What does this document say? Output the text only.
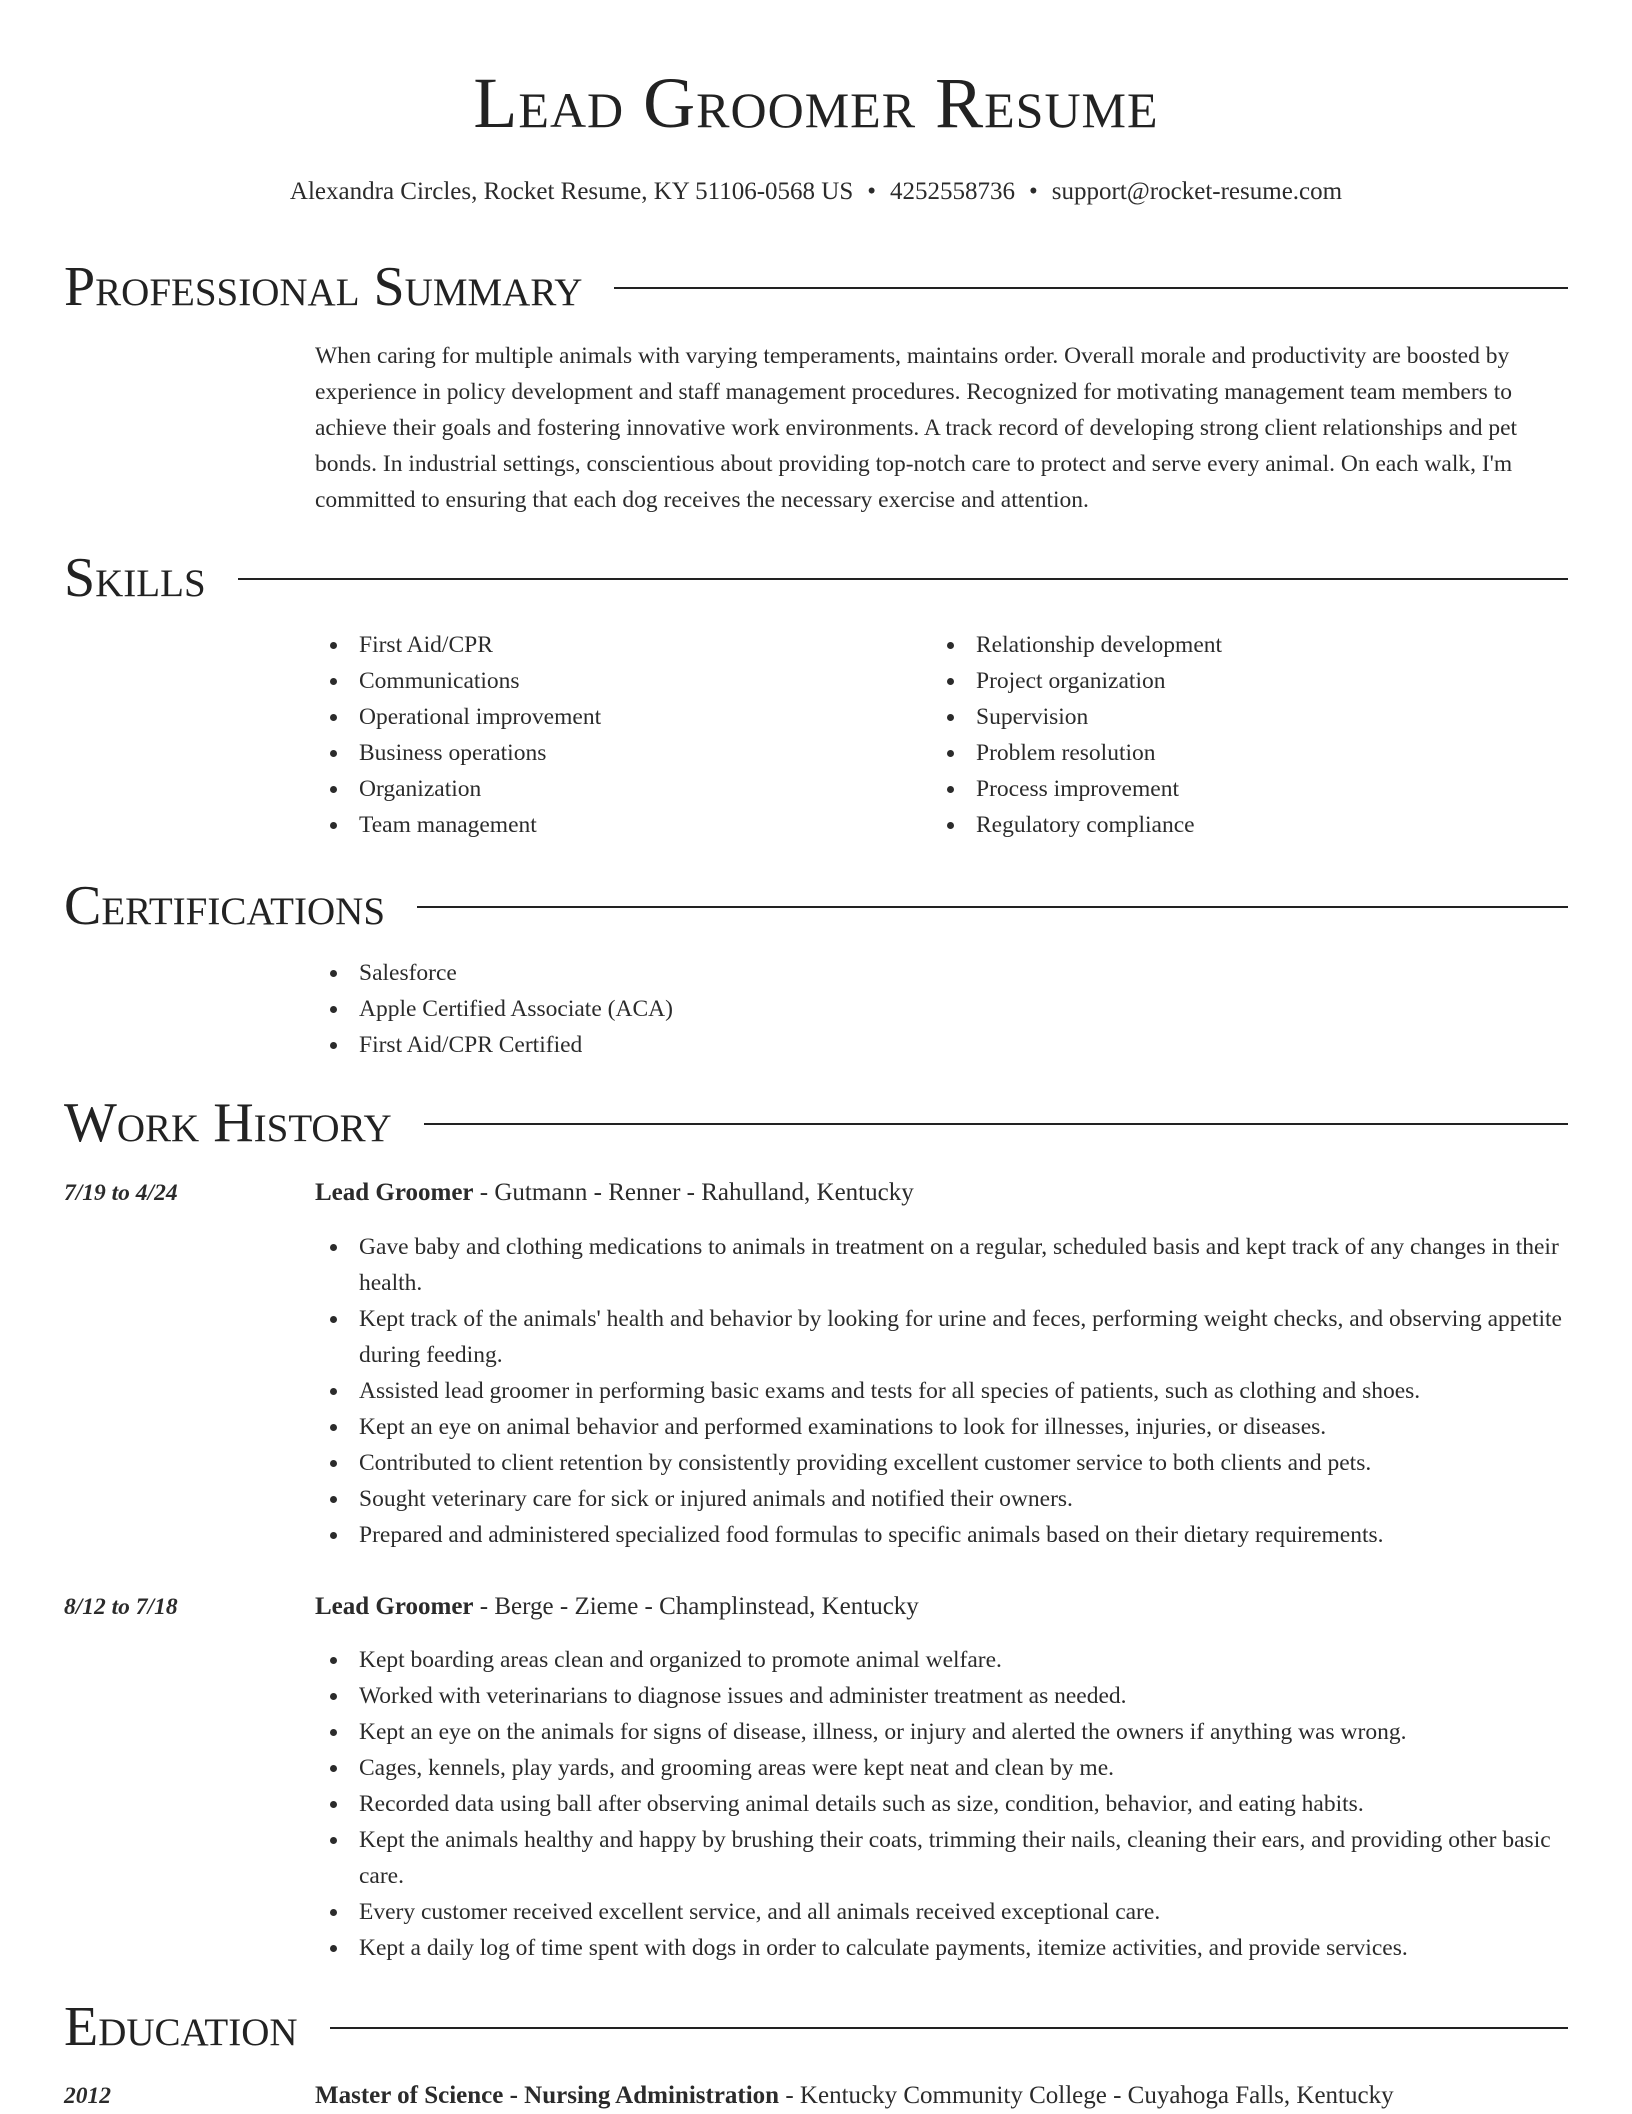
Lead Groomer Resume
Alexandra Circles, Rocket Resume, KY 51106-0568 US • 4252558736 • support@rocket-resume.com
Professional Summary

When caring for multiple animals with varying temperaments, maintains order. Overall morale and productivity are boosted by experience in policy development and staff management procedures. Recognized for motivating management team members to achieve their goals and fostering innovative work environments. A track record of developing strong client relationships and pet bonds. In industrial settings, conscientious about providing top-notch care to protect and serve every animal. On each walk, I'm committed to ensuring that each dog receives the necessary exercise and attention.

Skills
First Aid/CPR
Communications
Operational improvement
Business operations
Organization
Team management
Relationship development
Project organization
Supervision
Problem resolution
Process improvement
Regulatory compliance
Certifications
Salesforce
Apple Certified Associate (ACA)
First Aid/CPR Certified
Work History
7/19 to 4/24	Lead Groomer - Gutmann - Renner - Rahulland, Kentucky
Gave baby and clothing medications to animals in treatment on a regular, scheduled basis and kept track of any changes in their health.
Kept track of the animals' health and behavior by looking for urine and feces, performing weight checks, and observing appetite during feeding.
Assisted lead groomer in performing basic exams and tests for all species of patients, such as clothing and shoes.
Kept an eye on animal behavior and performed examinations to look for illnesses, injuries, or diseases.
Contributed to client retention by consistently providing excellent customer service to both clients and pets.
Sought veterinary care for sick or injured animals and notified their owners.
Prepared and administered specialized food formulas to specific animals based on their dietary requirements.
8/12 to 7/18	Lead Groomer - Berge - Zieme - Champlinstead, Kentucky
Kept boarding areas clean and organized to promote animal welfare.
Worked with veterinarians to diagnose issues and administer treatment as needed.
Kept an eye on the animals for signs of disease, illness, or injury and alerted the owners if anything was wrong.
Cages, kennels, play yards, and grooming areas were kept neat and clean by me.
Recorded data using ball after observing animal details such as size, condition, behavior, and eating habits.
Kept the animals healthy and happy by brushing their coats, trimming their nails, cleaning their ears, and providing other basic care.
Every customer received excellent service, and all animals received exceptional care.
Kept a daily log of time spent with dogs in order to calculate payments, itemize activities, and provide services.
Education
2012	Master of Science - Nursing Administration - Kentucky Community College - Cuyahoga Falls, Kentucky
